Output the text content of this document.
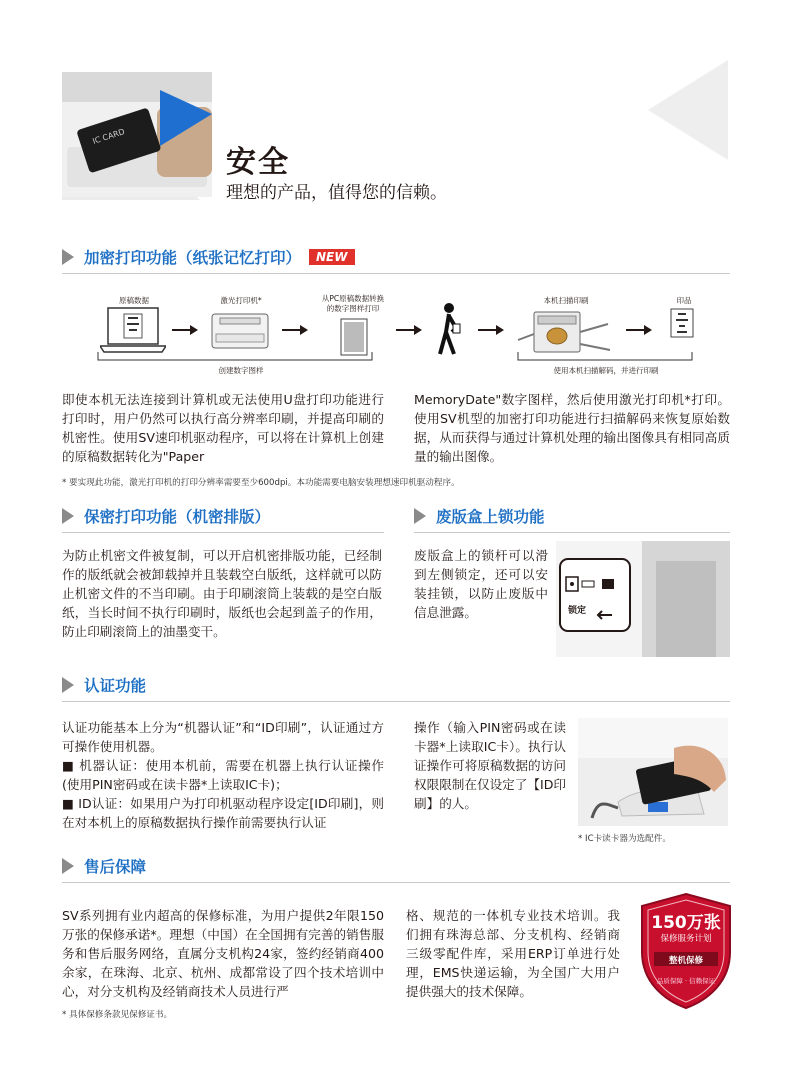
IC CARD
安全
理想的产品，值得您的信赖。
加密打印功能（纸张记忆打印）	NEW
原稿数据	激光打印机*	从PC原稿数据转换
的数字图样打印
本机扫描印刷	印品
创建数字图样	使用本机扫描解码，并进行印刷
即使本机无法连接到计算机或无法使用U盘打印功能进行打印时，用户仍然可以执行高分辨率印刷，并提高印刷的机密性。使用SV速印机驱动程序，可以将在计算机上创建的原稿数据转化为"Paper
MemoryDate"数字图样，然后使用激光打印机*打印。使用SV机型的加密打印功能进行扫描解码来恢复原始数据，从而获得与通过计算机处理的输出图像具有相同高质量的输出图像。
* 要实现此功能，激光打印机的打印分辨率需要至少600dpi。本功能需要电脑安装理想速印机驱动程序。
保密打印功能（机密排版）	废版盒上锁功能
为防止机密文件被复制，可以开启机密排版功能，已经制作的版纸就会被卸载掉并且装载空白版纸，这样就可以防止机密文件的不当印刷。由于印刷滚筒上装载的是空白版纸，当长时间不执行印刷时，版纸也会起到盖子的作用，防止印刷滚筒上的油墨变干。
废版盒上的锁杆可以滑到左侧锁定，还可以安装挂锁，以防止废版中信息泄露。	锁定
认证功能

认证功能基本上分为“机器认证”和“ID印刷”，认证通过方可操作使用机器。

■ 机器认证：使用本机前，需要在机器上执行认证操作(使用PIN密码或在读卡器*上读取IC卡)；

■ ID认证：如果用户为打印机驱动程序设定[ID印刷]，则在对本机上的原稿数据执行操作前需要执行认证

操作（输入PIN密码或在读卡器*上读取IC卡）。执行认证操作可将原稿数据的访问权限限制在仅设定了【ID印刷】的人。
* IC卡读卡器为选配件。
售后保障
SV系列拥有业内超高的保修标准，为用户提供2年限150万张的保修承诺*。理想（中国）在全国拥有完善的销售服务和售后服务网络，直属分支机构24家，签约经销商400余家，在珠海、北京、杭州、成都常设了四个技术培训中心，对分支机构及经销商技术人员进行严
格、规范的一体机专业技术培训。我们拥有珠海总部、分支机构、经销商三级零配件库，采用ERP订单进行处理，EMS快递运输，为全国广大用户提供强大的技术保障。
* 具体保修条款见保修证书。
150万张
保修服务计划
整机保修
品质保障 · 信赖保证
